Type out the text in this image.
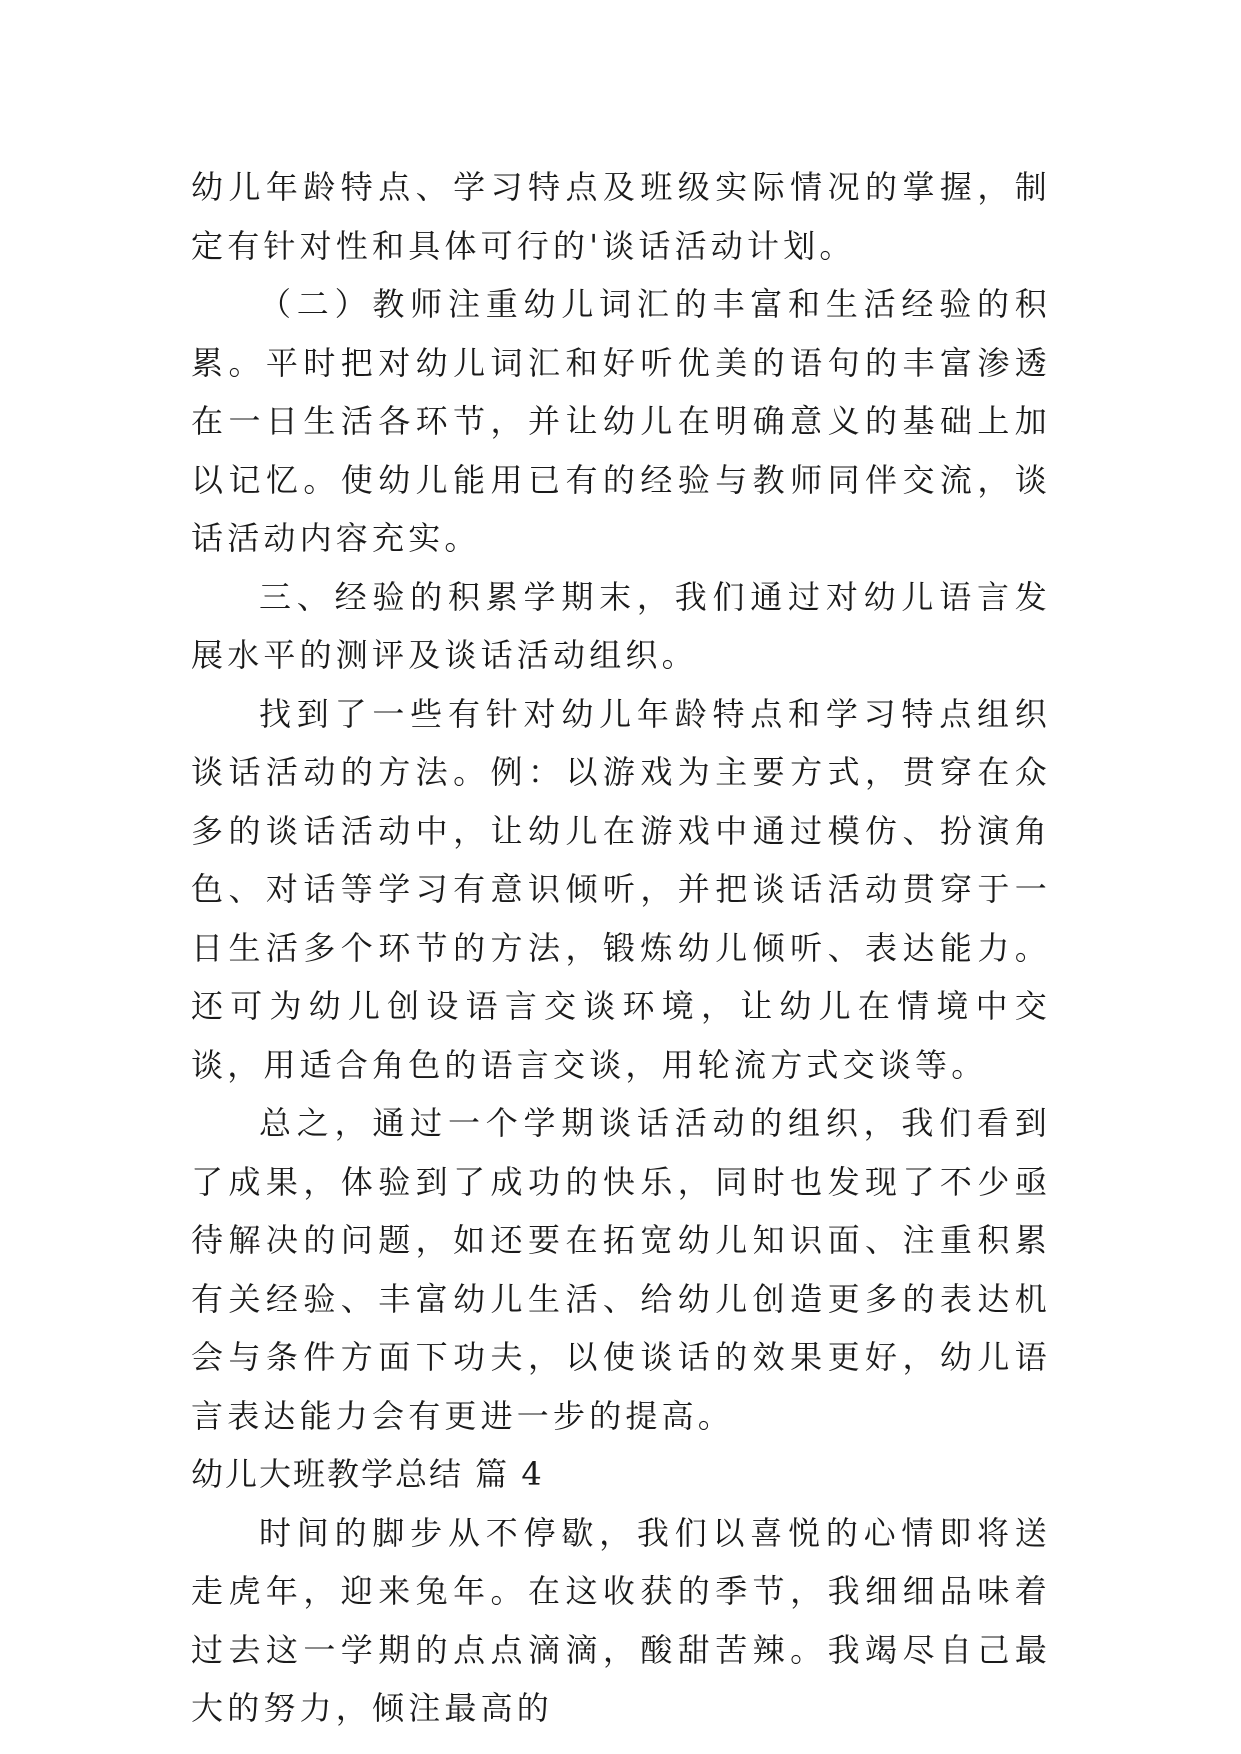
幼儿年龄特点、学习特点及班级实际情况的掌握，制定有针对性和具体可行的'谈话活动计划。

（二）教师注重幼儿词汇的丰富和生活经验的积累。平时把对幼儿词汇和好听优美的语句的丰富渗透在一日生活各环节，并让幼儿在明确意义的基础上加以记忆。使幼儿能用已有的经验与教师同伴交流，谈话活动内容充实。

三、经验的积累学期末，我们通过对幼儿语言发展水平的测评及谈话活动组织。

找到了一些有针对幼儿年龄特点和学习特点组织谈话活动的方法。例：以游戏为主要方式，贯穿在众多的谈话活动中，让幼儿在游戏中通过模仿、扮演角色、对话等学习有意识倾听，并把谈话活动贯穿于一日生活多个环节的方法，锻炼幼儿倾听、表达能力。还可为幼儿创设语言交谈环境，让幼儿在情境中交谈，用适合角色的语言交谈，用轮流方式交谈等。

总之，通过一个学期谈话活动的组织，我们看到了成果，体验到了成功的快乐，同时也发现了不少亟待解决的问题，如还要在拓宽幼儿知识面、注重积累有关经验、丰富幼儿生活、给幼儿创造更多的表达机会与条件方面下功夫，以使谈话的效果更好，幼儿语言表达能力会有更进一步的提高。

幼儿大班教学总结 篇 4

时间的脚步从不停歇，我们以喜悦的心情即将送走虎年，迎来兔年。在这收获的季节，我细细品味着过去这一学期的点点滴滴，酸甜苦辣。我竭尽自己最大的努力，倾注最高的
